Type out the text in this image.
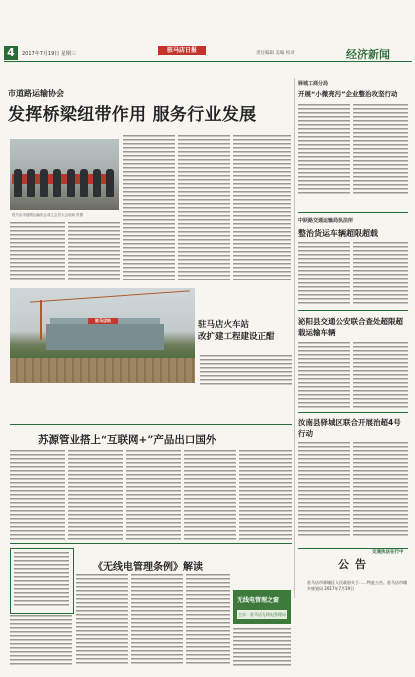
4	2017年7月19日 星期三	驻马店日报	责任编辑 美编 校对	经济新闻
市道路运输协会
发挥桥梁纽带作用 服务行业发展
驻马店市道路运输协会成立会员大会现场 供图
驿城工商分局
开展“小微亮污”企业整治攻坚行动
中跃路交通运输局执法所
整治货运车辆超限超载
泌阳县交通公安联合查处超限超载运输车辆
汝南县驿城区联合开展治超4号行动
交通执法在行中
驻马店站	驻马店火车站
改扩建工程建设正酣
苏源管业搭上“互联网+”产品出口国外
《无线电管理条例》解读
无线电管理之窗
主办：驻马店无线电管理局
公告
驻马店市驿城区人民政府关于……特此公告。驻马店市城乡规划局 2017年7月19日
